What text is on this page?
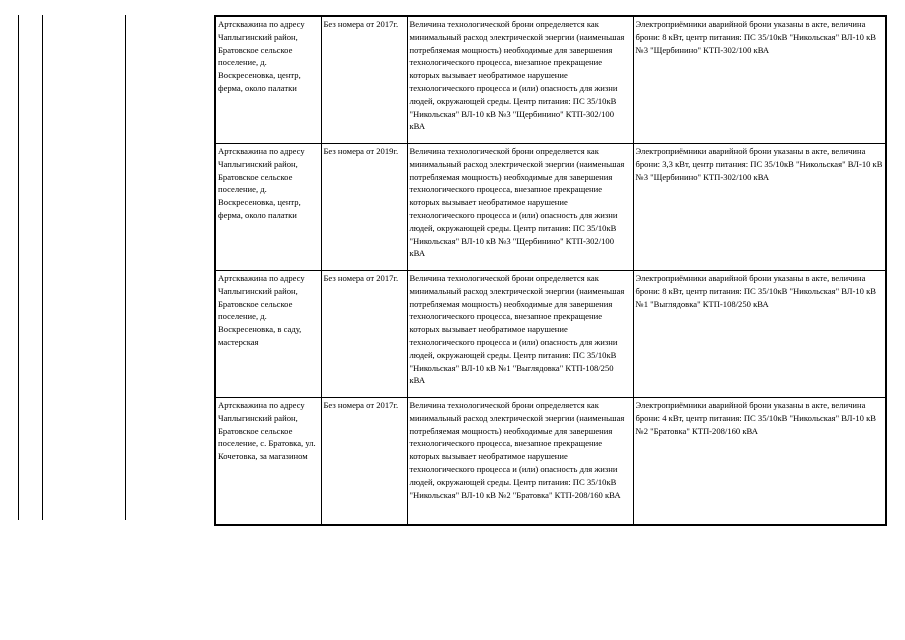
Артскважина по адресу Чаплыгинский район, Братовское сельское поселение, д. Воскресеновка, центр, ферма, около палатки	Без номера от 2017г.	Величина технологической брони определяется как минимальный расход электрической энергии (наименьшая потребляемая мощность) необходимые для завершения технологического процесса, внезапное прекращение которых вызывает необратимое нарушение технологического процесса и (или) опасность для жизни людей, окружающей среды. Центр питания: ПС 35/10кВ "Никольская" ВЛ-10 кВ №3 "Щербинино" КТП-302/100 кВА	Электроприёмники аварийной брони указаны в акте, величина брони: 8 кВт, центр питания: ПС 35/10кВ "Никольская" ВЛ-10 кВ №3 "Щербинино" КТП-302/100 кВА
Артскважина по адресу Чаплыгинский район, Братовское сельское поселение, д. Воскресеновка, центр, ферма, около палатки	Без номера от 2019г.	Величина технологической брони определяется как минимальный расход электрической энергии (наименьшая потребляемая мощность) необходимые для завершения технологического процесса, внезапное прекращение которых вызывает необратимое нарушение технологического процесса и (или) опасность для жизни людей, окружающей среды. Центр питания: ПС 35/10кВ "Никольская" ВЛ-10 кВ №3 "Щербинино" КТП-302/100 кВА	Электроприёмники аварийной брони указаны в акте, величина брони: 3,3 кВт, центр питания: ПС 35/10кВ "Никольская" ВЛ-10 кВ №3 "Щербинино" КТП-302/100 кВА
Артскважина по адресу Чаплыгинский район, Братовское сельское поселение, д. Воскресеновка, в саду, мастерская	Без номера от 2017г.	Величина технологической брони определяется как минимальный расход электрической энергии (наименьшая потребляемая мощность) необходимые для завершения технологического процесса, внезапное прекращение которых вызывает необратимое нарушение технологического процесса и (или) опасность для жизни людей, окружающей среды. Центр питания: ПС 35/10кВ "Никольская" ВЛ-10 кВ №1 "Выглядовка" КТП-108/250 кВА	Электроприёмники аварийной брони указаны в акте, величина брони: 8 кВт, центр питания: ПС 35/10кВ "Никольская" ВЛ-10 кВ №1 "Выглядовка" КТП-108/250 кВА
Артскважина по адресу Чаплыгинский район, Братовское сельское поселение, с. Братовка, ул. Кочетовка, за магазином	Без номера от 2017г.	Величина технологической брони определяется как минимальный расход электрической энергии (наименьшая потребляемая мощность) необходимые для завершения технологического процесса, внезапное прекращение которых вызывает необратимое нарушение технологического процесса и (или) опасность для жизни людей, окружающей среды. Центр питания: ПС 35/10кВ "Никольская" ВЛ-10 кВ №2 "Братовка" КТП-208/160 кВА	Электроприёмники аварийной брони указаны в акте, величина брони: 4 кВт, центр питания: ПС 35/10кВ "Никольская" ВЛ-10 кВ №2 "Братовка" КТП-208/160 кВА
